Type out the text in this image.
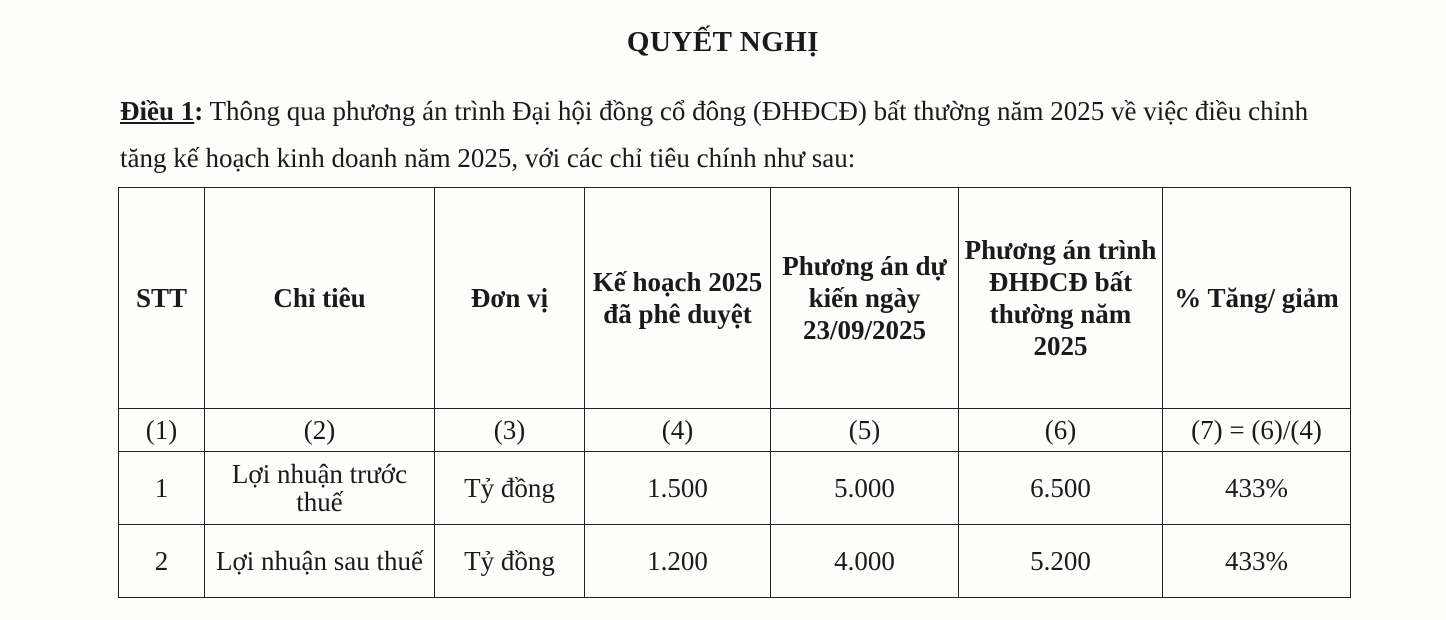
QUYẾT NGHỊ
Điều 1: Thông qua phương án trình Đại hội đồng cổ đông (ĐHĐCĐ) bất thường năm 2025 về việc điều chỉnh tăng kế hoạch kinh doanh năm 2025, với các chỉ tiêu chính như sau:
STT	Chỉ tiêu	Đơn vị	Kế hoạch 2025 đã phê duyệt	Phương án dự kiến ngày 23/09/2025	Phương án trình ĐHĐCĐ bất thường năm 2025	% Tăng/ giảm
(1)	(2)	(3)	(4)	(5)	(6)	(7) = (6)/(4)
1	Lợi nhuận trước thuế	Tỷ đồng	1.500	5.000	6.500	433%
2	Lợi nhuận sau thuế	Tỷ đồng	1.200	4.000	5.200	433%
